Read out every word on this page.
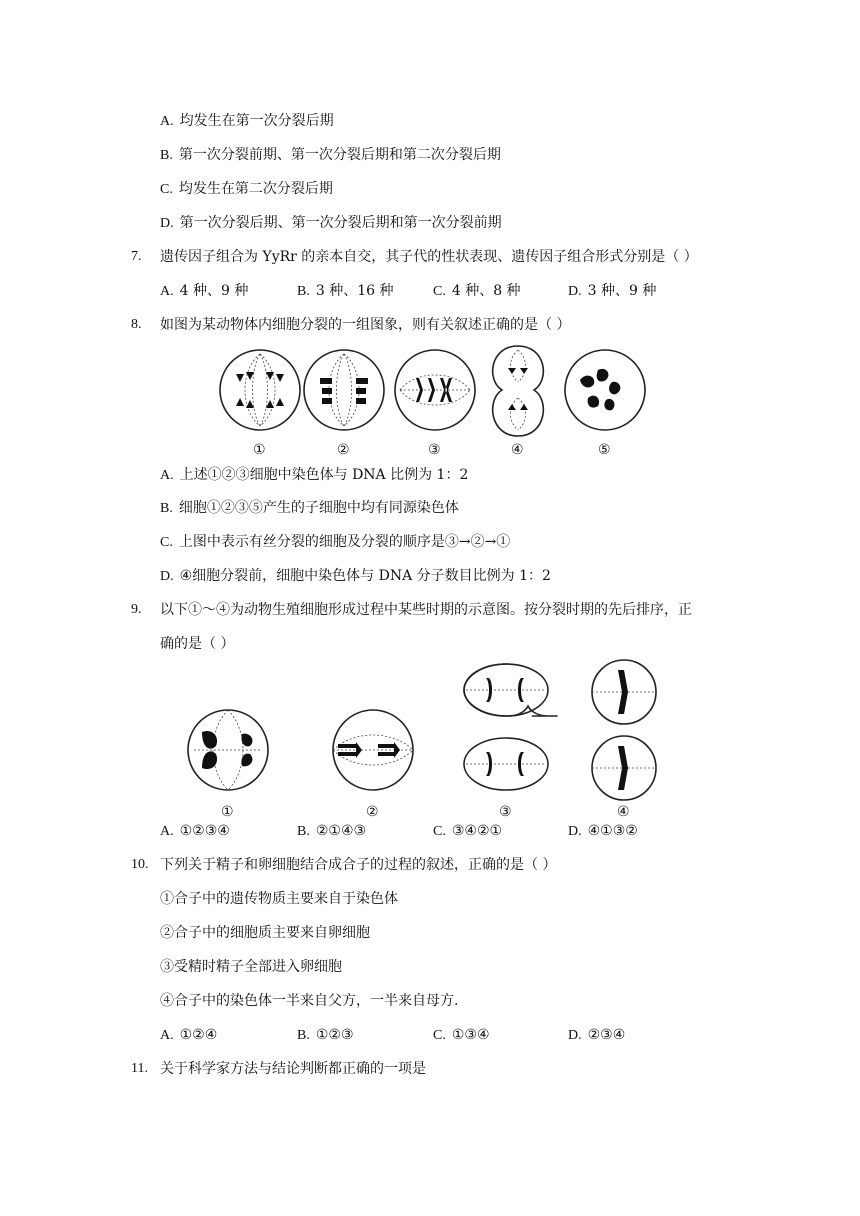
A. 均发生在第一次分裂后期
B. 第一次分裂前期、第一次分裂后期和第二次分裂后期
C. 均发生在第二次分裂后期
D. 第一次分裂后期、第一次分裂后期和第一次分裂前期
7. 遗传因子组合为 YyRr 的亲本自交，其子代的性状表现、遗传因子组合形式分别是（ ）
A. 4 种、9 种	B. 3 种、16 种	C. 4 种、8 种	D. 3 种、9 种
8. 如图为某动物体内细胞分裂的一组图象，则有关叙述正确的是（ ）
①	②	③	④	⑤
A. 上述①②③细胞中染色体与 DNA 比例为 1：2
B. 细胞①②③⑤产生的子细胞中均有同源染色体
C. 上图中表示有丝分裂的细胞及分裂的顺序是③→②→①
D. ④细胞分裂前，细胞中染色体与 DNA 分子数目比例为 1：2
9. 以下①～④为动物生殖细胞形成过程中某些时期的示意图。按分裂时期的先后排序，正
确的是（ ）
①	②	③	④
A. ①②③④	B. ②①④③	C. ③④②①	D. ④①③②
10. 下列关于精子和卵细胞结合成合子的过程的叙述，正确的是（ ）
①合子中的遗传物质主要来自于染色体
②合子中的细胞质主要来自卵细胞
③受精时精子全部进入卵细胞
④合子中的染色体一半来自父方，一半来自母方.
A. ①②④	B. ①②③	C. ①③④	D. ②③④
11. 关于科学家方法与结论判断都正确的一项是
